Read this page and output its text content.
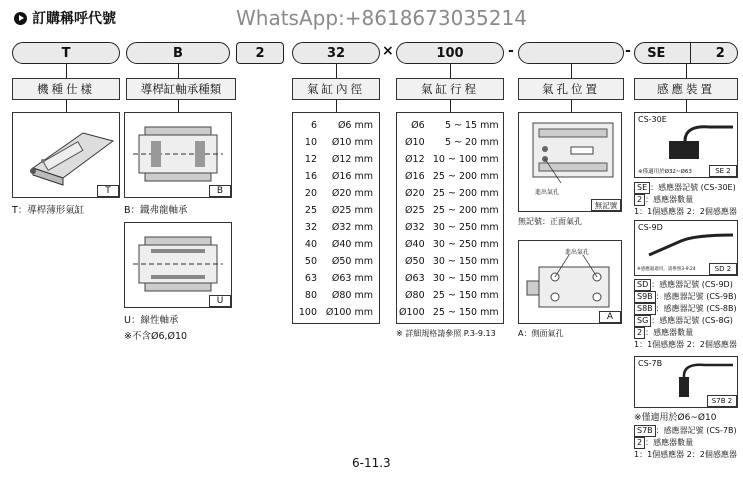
訂購稱呼代號	WhatsApp:+8618673035214
T	B	2	32	×	100	-	- SE	2
機種仕樣	導桿缸軸承種類	氣缸內徑	氣缸行程	氣孔位置	感應裝置
T
T：導桿薄形氣缸
B
B：鐵弗龍軸承
U
U：線性軸承
※不含Ø6,Ø10
6	Ø6 mm
10	Ø10 mm
12	Ø12 mm
16	Ø16 mm
20	Ø20 mm
25	Ø25 mm
32	Ø32 mm
40	Ø40 mm
50	Ø50 mm
63	Ø63 mm
80	Ø80 mm
100	Ø100 mm
Ø6	5 ~ 15 mm
Ø10	5 ~ 20 mm
Ø12	10 ~ 100 mm
Ø16	25 ~ 200 mm
Ø20	25 ~ 200 mm
Ø25	25 ~ 200 mm
Ø32	30 ~ 250 mm
Ø40	30 ~ 250 mm
Ø50	30 ~ 150 mm
Ø63	30 ~ 150 mm
Ø80	25 ~ 150 mm
Ø100	25 ~ 150 mm
※ 詳細規格請參照 P.3-9.13
進出氣孔
無記號
無記號：正面氣孔
進出氣孔
A
A：側面氣孔
CS-30E
※僅適用於Ø32~Ø63	SE 2
SE ：感應器記號 (CS-30E)
2 ：感應器數量
1：1個感應器 2：2個感應器
CS-9D
※感應器適用，請參照3-9.24	SD 2
SD ：感應器記號 (CS-9D)
S9B ：感應器記號 (CS-9B)
S8B ：感應器記號 (CS-8B)
SG ：感應器記號 (CS-8G)
2 ：感應器數量
1：1個感應器 2：2個感應器
CS-7B
S7B 2
※僅適用於Ø6~Ø10
S7B ：感應器記號 (CS-7B)
2 ：感應器數量
1：1個感應器 2：2個感應器
6-11.3
